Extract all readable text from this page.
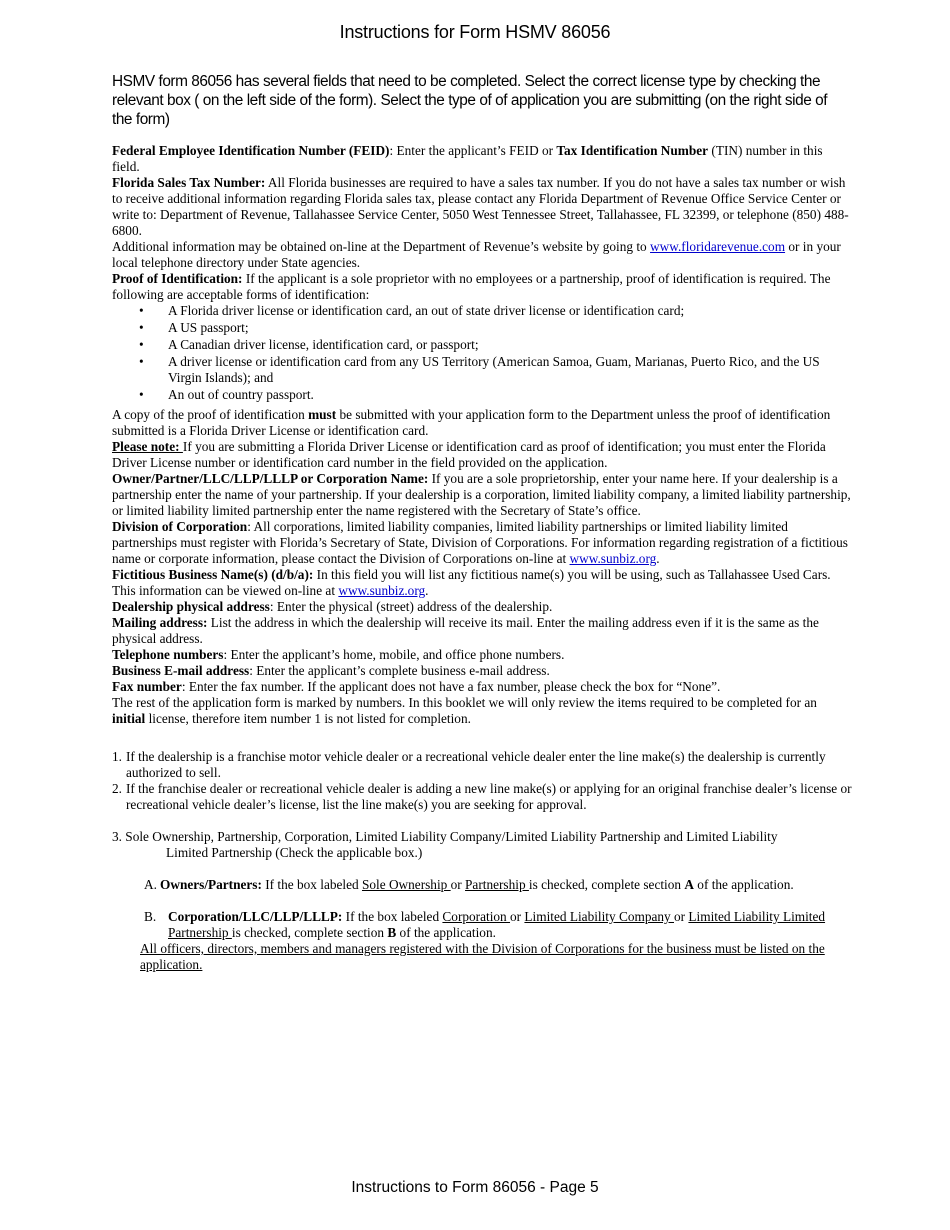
Instructions for Form HSMV 86056
HSMV form 86056 has several fields that need to be completed. Select the correct license type by checking the relevant box ( on the left side of the form). Select the type of of application you are submitting (on the right side of the form)

Federal Employee Identification Number (FEID): Enter the applicant’s FEID or Tax Identification Number (TIN) number in this field.

Florida Sales Tax Number: All Florida businesses are required to have a sales tax number. If you do not have a sales tax number or wish to receive additional information regarding Florida sales tax, please contact any Florida Department of Revenue Office Service Center or write to: Department of Revenue, Tallahassee Service Center, 5050 West Tennessee Street, Tallahassee, FL 32399, or telephone (850) 488-6800.

Additional information may be obtained on-line at the Department of Revenue’s website by going to www.floridarevenue.com or in your local telephone directory under State agencies.

Proof of Identification: If the applicant is a sole proprietor with no employees or a partnership, proof of identification is required. The following are acceptable forms of identification:

• A Florida driver license or identification card, an out of state driver license or identification card;
• A US passport;
• A Canadian driver license, identification card, or passport;
• A driver license or identification card from any US Territory (American Samoa, Guam, Marianas, Puerto Rico, and the US Virgin Islands); and
• An out of country passport.

A copy of the proof of identification must be submitted with your application form to the Department unless the proof of identification submitted is a Florida Driver License or identification card.

Please note: If you are submitting a Florida Driver License or identification card as proof of identification; you must enter the Florida Driver License number or identification card number in the field provided on the application.

Owner/Partner/LLC/LLP/LLLP or Corporation Name: If you are a sole proprietorship, enter your name here. If your dealership is a partnership enter the name of your partnership. If your dealership is a corporation, limited liability company, a limited liability partnership, or limited liability limited partnership enter the name registered with the Secretary of State’s office.

Division of Corporation: All corporations, limited liability companies, limited liability partnerships or limited liability limited partnerships must register with Florida’s Secretary of State, Division of Corporations. For information regarding registration of a fictitious name or corporate information, please contact the Division of Corporations on-line at www.sunbiz.org.

Fictitious Business Name(s) (d/b/a): In this field you will list any fictitious name(s) you will be using, such as Tallahassee Used Cars. This information can be viewed on-line at www.sunbiz.org.

Dealership physical address: Enter the physical (street) address of the dealership.

Mailing address: List the address in which the dealership will receive its mail. Enter the mailing address even if it is the same as the physical address.

Telephone numbers: Enter the applicant’s home, mobile, and office phone numbers.

Business E-mail address: Enter the applicant’s complete business e-mail address.

Fax number: Enter the fax number. If the applicant does not have a fax number, please check the box for “None”.

The rest of the application form is marked by numbers. In this booklet we will only review the items required to be completed for an initial license, therefore item number 1 is not listed for completion.

1. If the dealership is a franchise motor vehicle dealer or a recreational vehicle dealer enter the line make(s) the dealership is currently authorized to sell.
2. If the franchise dealer or recreational vehicle dealer is adding a new line make(s) or applying for an original franchise dealer’s license or recreational vehicle dealer’s license, list the line make(s) you are seeking for approval.
3. Sole Ownership, Partnership, Corporation, Limited Liability Company/Limited Liability Partnership and Limited Liability
Limited Partnership (Check the applicable box.)
A. Owners/Partners: If the box labeled Sole Ownership or Partnership is checked, complete section A of the application.
B. Corporation/LLC/LLP/LLLP: If the box labeled Corporation or Limited Liability Company or Limited Liability Limited Partnership is checked, complete section B of the application.

All officers, directors, members and managers registered with the Division of Corporations for the business must be listed on the application.

Instructions to Form 86056 - Page 5
